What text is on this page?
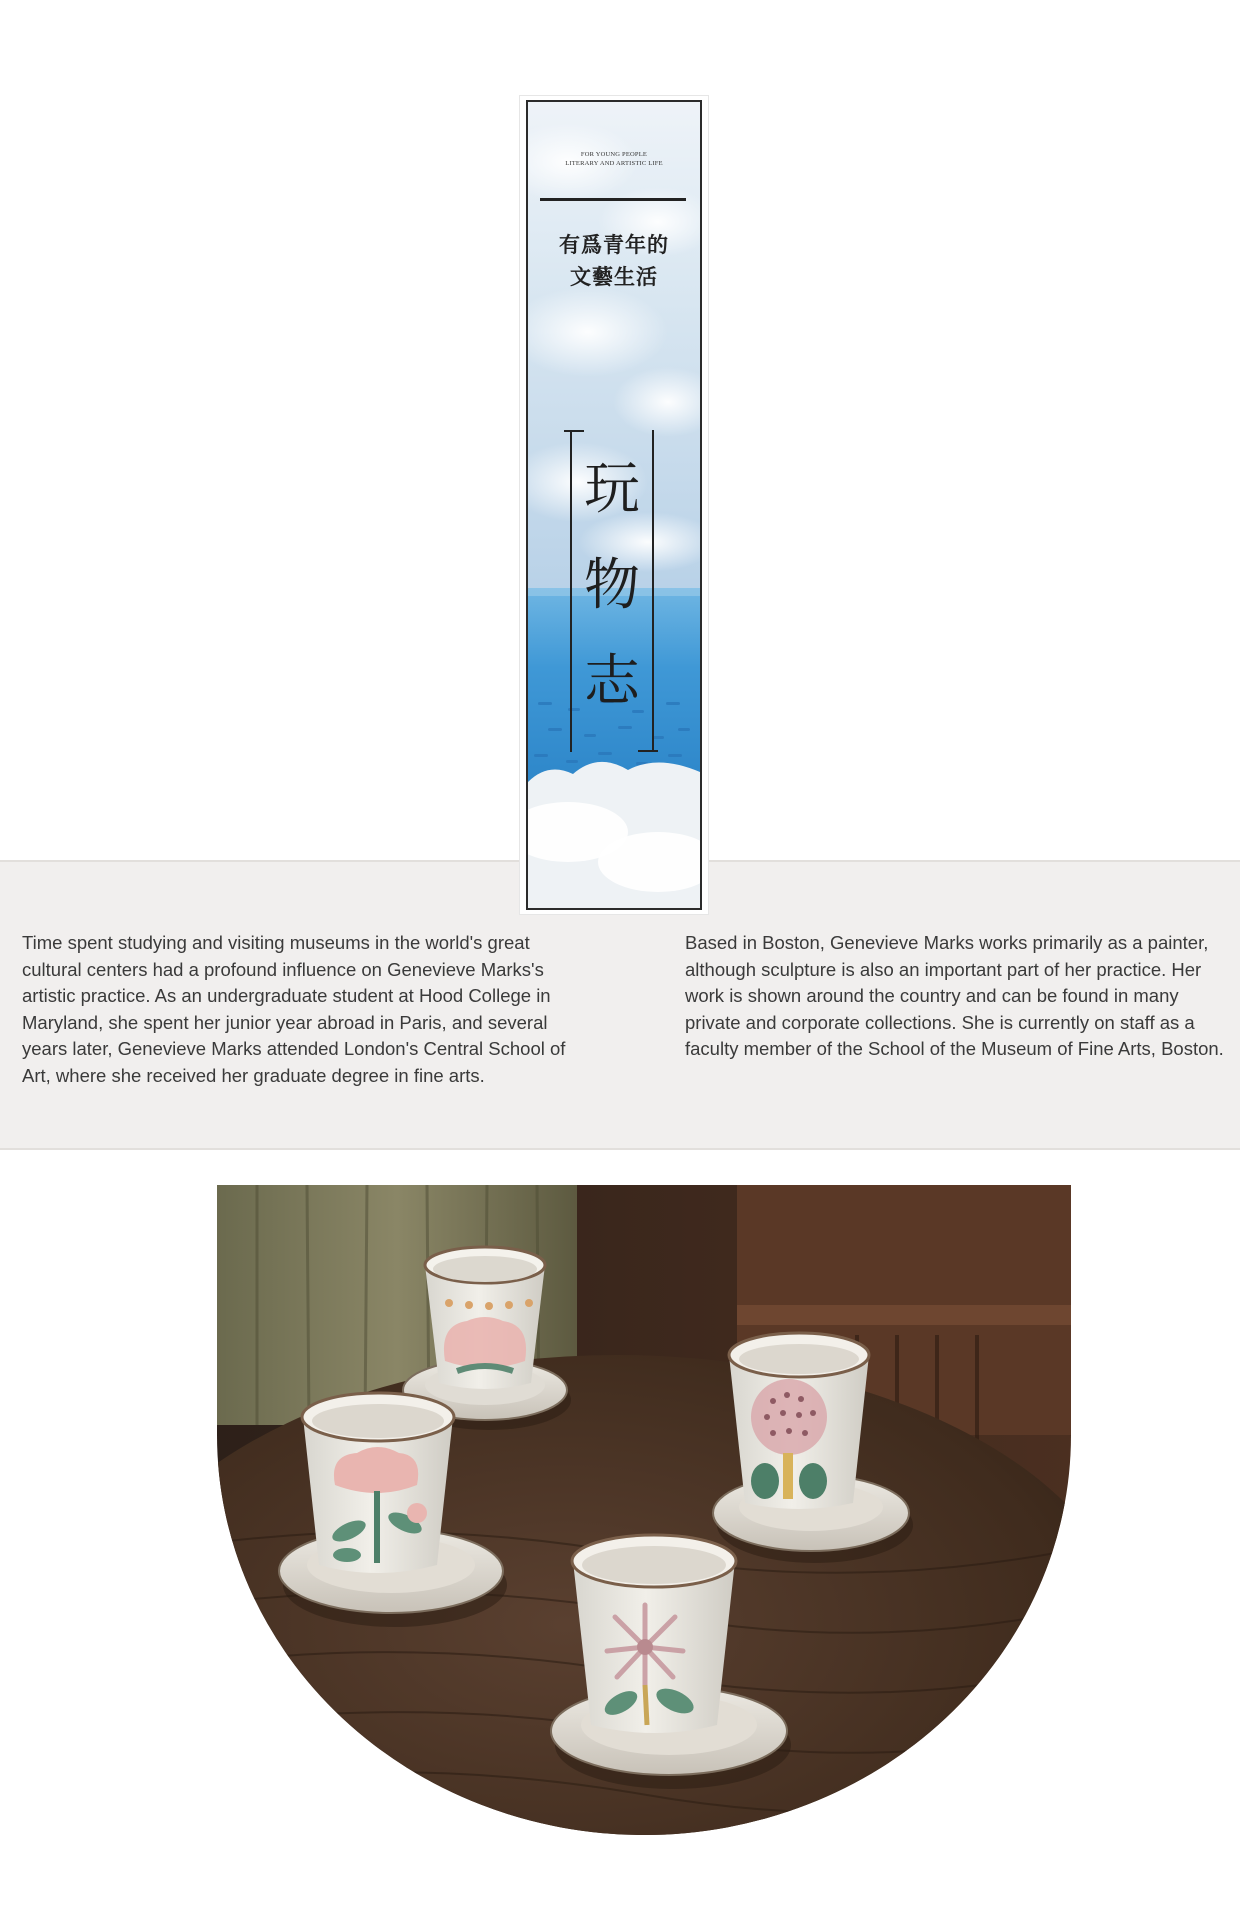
Time spent studying and visiting museums in the world's great cultural centers had a profound influence on Genevieve Marks's artistic practice. As an undergraduate student at Hood College in Maryland, she spent her junior year abroad in Paris, and several years later, Genevieve Marks attended London's Central School of Art, where she received her graduate degree in fine arts.
Based in Boston, Genevieve Marks works primarily as a painter, although sculpture is also an important part of her practice. Her work is shown around the country and can be found in many private and corporate collections. She is currently on staff as a faculty member of the School of the Museum of Fine Arts, Boston.
FOR YOUNG PEOPLE
LITERARY AND ARTISTIC LIFE
有爲青年的
文藝生活
玩
物
志
